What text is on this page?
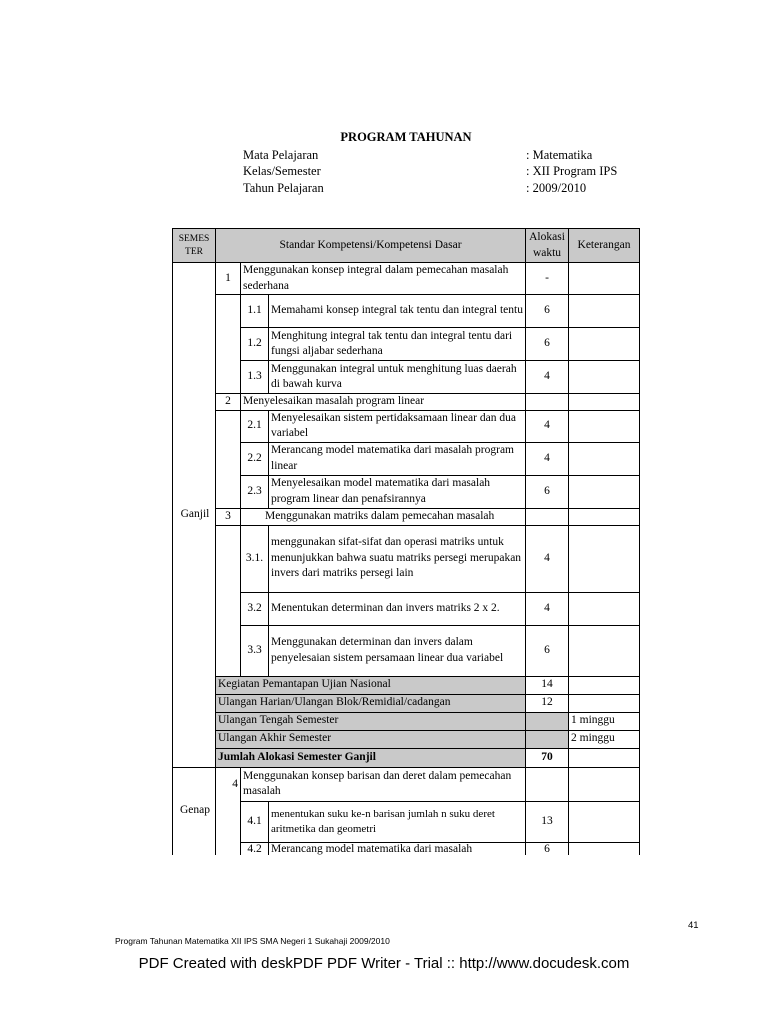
PROGRAM TAHUNAN
Mata Pelajaran	: Matematika
Kelas/Semester	: XII Program IPS
Tahun Pelajaran	: 2009/2010
SEMES TER	Standar Kompetensi/Kompetensi Dasar			Alokasi waktu	Keterangan
Ganjil	1	Menggunakan konsep integral dalam pemecahan masalah sederhana		-	
		1.1	Memahami konsep integral tak tentu dan integral tentu	6	
		1.2	Menghitung integral tak tentu dan integral tentu dari fungsi aljabar sederhana	6	
		1.3	Menggunakan integral untuk menghitung luas daerah di bawah kurva	4	
	2	Menyelesaikan masalah program linear			
		2.1	Menyelesaikan sistem pertidaksamaan linear dan dua variabel	4	
		2.2	Merancang model matematika dari masalah program linear	4	
		2.3	Menyelesaikan model matematika dari masalah program linear dan penafsirannya	6	
	3	Menggunakan matriks dalam pemecahan masalah			
		3.1.	menggunakan sifat-sifat dan operasi matriks untuk menunjukkan bahwa suatu matriks persegi merupakan invers dari matriks persegi lain	4	
		3.2	Menentukan determinan dan invers matriks 2 x 2.	4	
		3.3	Menggunakan determinan dan invers dalam penyelesaian sistem persamaan linear dua variabel	6	
	Kegiatan Pemantapan Ujian Nasional			14	
	Ulangan Harian/Ulangan Blok/Remidial/cadangan			12	
	Ulangan Tengah Semester				1 minggu
	Ulangan Akhir Semester				2 minggu
	Jumlah Alokasi Semester Ganjil			70	
Genap	4	Menggunakan konsep barisan dan deret dalam pemecahan masalah			
		4.1	menentukan suku ke-n barisan jumlah n suku deret aritmetika dan geometri	13	
		4.2	Merancang model matematika dari masalah	6	
41
Program Tahunan Matematika XII IPS SMA Negeri 1 Sukahaji 2009/2010
PDF Created with deskPDF PDF Writer - Trial :: http://www.docudesk.com
